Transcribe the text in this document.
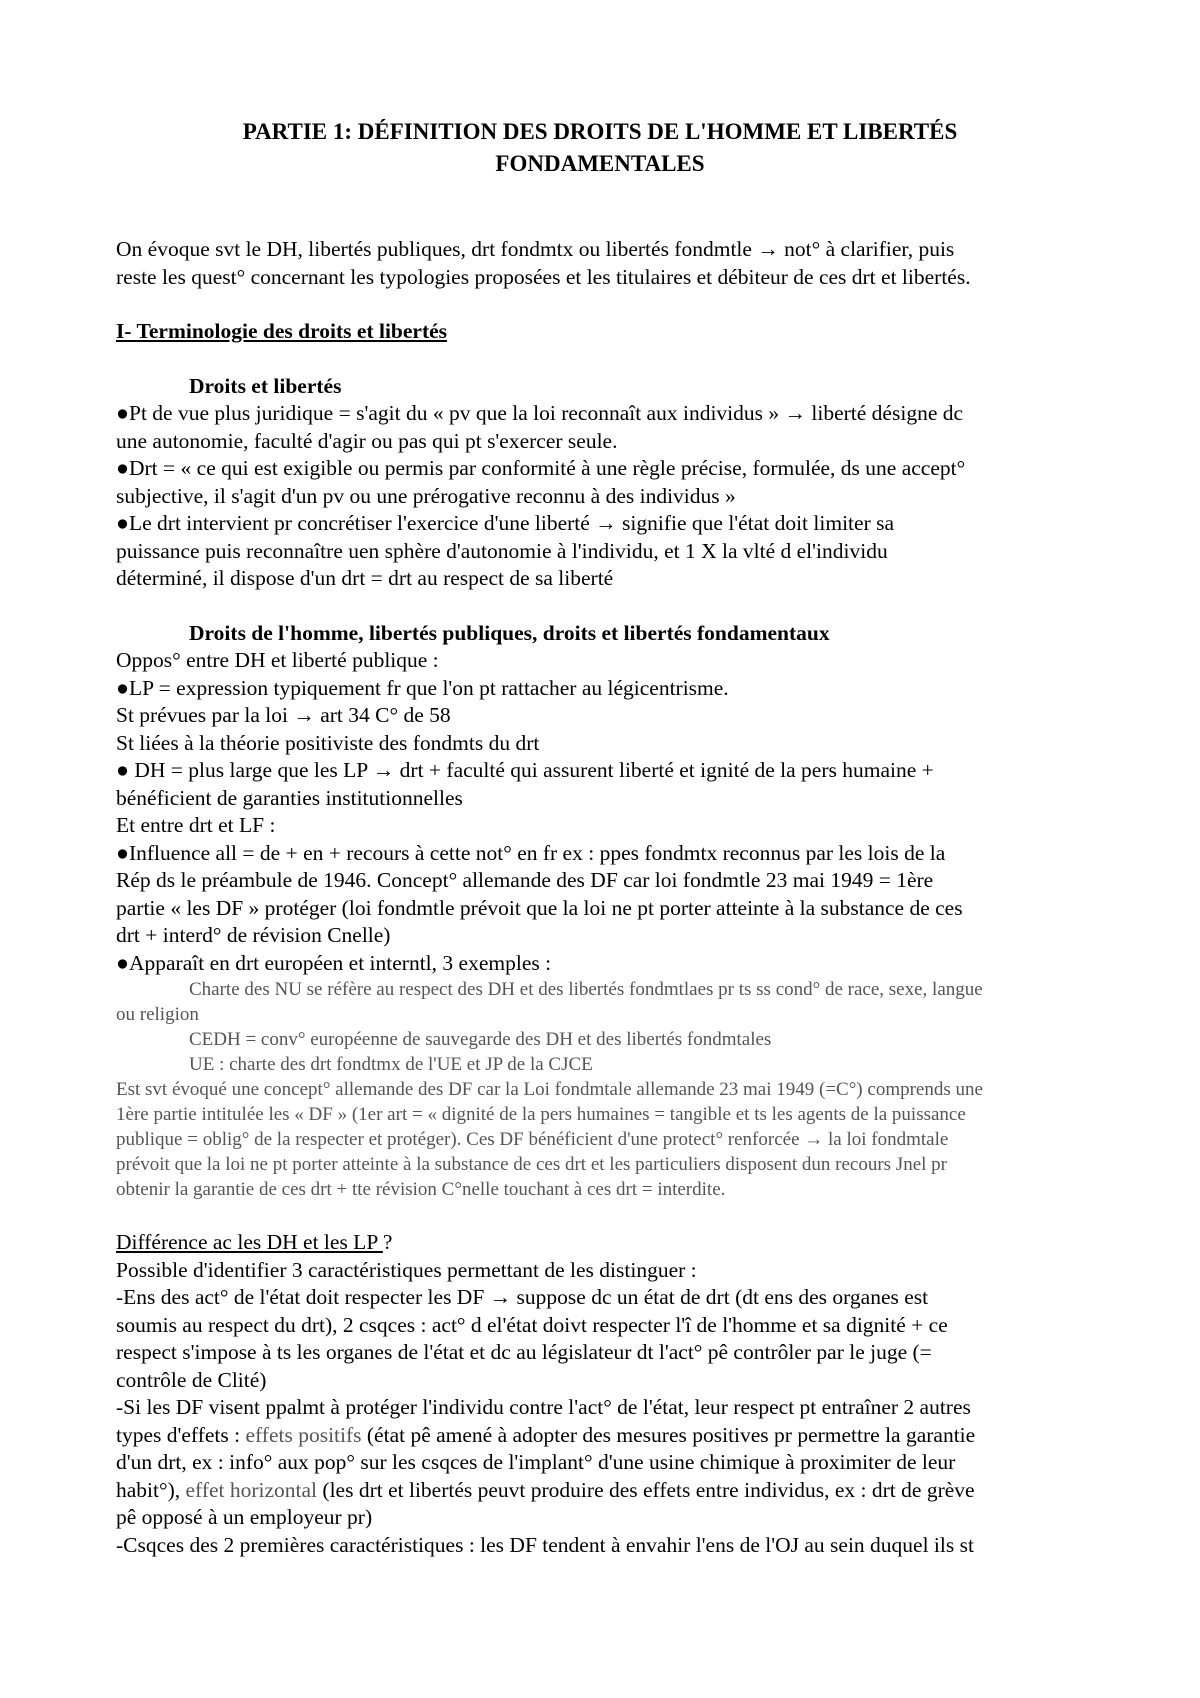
PARTIE 1: DÉFINITION DES DROITS DE L'HOMME ET LIBERTÉS
FONDAMENTALES

On évoque svt le DH, libertés publiques, drt fondmtx ou libertés fondmtle → not° à clarifier, puis

reste les quest° concernant les typologies proposées et les titulaires et débiteur de ces drt et libertés.

I- Terminologie des droits et libertés

Droits et libertés

●Pt de vue plus juridique = s'agit du « pv que la loi reconnaît aux individus » → liberté désigne dc

une autonomie, faculté d'agir ou pas qui pt s'exercer seule.

●Drt = « ce qui est exigible ou permis par conformité à une règle précise, formulée, ds une accept°

subjective, il s'agit d'un pv ou une prérogative reconnu à des individus »

●Le drt intervient pr concrétiser l'exercice d'une liberté → signifie que l'état doit limiter sa

puissance puis reconnaître uen sphère d'autonomie à l'individu, et 1 X la vlté d el'individu

déterminé, il dispose d'un drt = drt au respect de sa liberté

Droits de l'homme, libertés publiques, droits et libertés fondamentaux

Oppos° entre DH et liberté publique :

●LP = expression typiquement fr que l'on pt rattacher au légicentrisme.

St prévues par la loi → art 34 C° de 58

St liées à la théorie positiviste des fondmts du drt

● DH = plus large que les LP → drt + faculté qui assurent liberté et ignité de la pers humaine +

bénéficient de garanties institutionnelles

Et entre drt et LF :

●Influence all = de + en + recours à cette not° en fr ex : ppes fondmtx reconnus par les lois de la

Rép ds le préambule de 1946. Concept° allemande des DF car loi fondmtle 23 mai 1949 = 1ère

partie « les DF » protéger (loi fondmtle prévoit que la loi ne pt porter atteinte à la substance de ces

drt + interd° de révision Cnelle)

●Apparaît en drt européen et interntl, 3 exemples :

Charte des NU se réfère au respect des DH et des libertés fondmtlaes pr ts ss cond° de race, sexe, langue

ou religion

CEDH = conv° européenne de sauvegarde des DH et des libertés fondmtales

UE : charte des drt fondtmx de l'UE et JP de la CJCE

Est svt évoqué une concept° allemande des DF car la Loi fondmtale allemande 23 mai 1949 (=C°) comprends une

1ère partie intitulée les « DF » (1er art = « dignité de la pers humaines = tangible et ts les agents de la puissance

publique = oblig° de la respecter et protéger). Ces DF bénéficient d'une protect° renforcée → la loi fondmtale

prévoit que la loi ne pt porter atteinte à la substance de ces drt et les particuliers disposent dun recours Jnel pr

obtenir la garantie de ces drt + tte révision C°nelle touchant à ces drt = interdite.

Différence ac les DH et les LP ?

Possible d'identifier 3 caractéristiques permettant de les distinguer :

-Ens des act° de l'état doit respecter les DF → suppose dc un état de drt (dt ens des organes est

soumis au respect du drt), 2 csqces : act° d el'état doivt respecter l'î de l'homme et sa dignité + ce

respect s'impose à ts les organes de l'état et dc au législateur dt l'act° pê contrôler par le juge (=

contrôle de Clité)

-Si les DF visent ppalmt à protéger l'individu contre l'act° de l'état, leur respect pt entraîner 2 autres

types d'effets : effets positifs (état pê amené à adopter des mesures positives pr permettre la garantie

d'un drt, ex : info° aux pop° sur les csqces de l'implant° d'une usine chimique à proximiter de leur

habit°), effet horizontal (les drt et libertés peuvt produire des effets entre individus, ex : drt de grève

pê opposé à un employeur pr)

-Csqces des 2 premières caractéristiques : les DF tendent à envahir l'ens de l'OJ au sein duquel ils st
